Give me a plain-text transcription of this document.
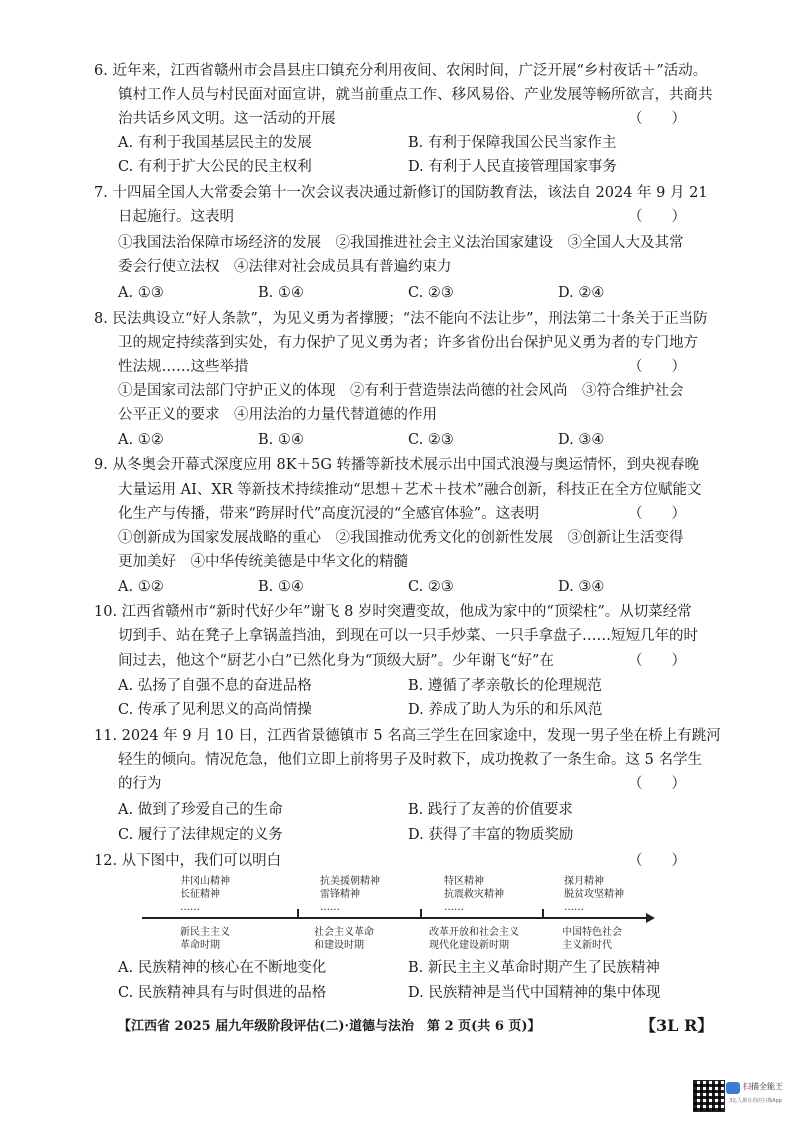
6. 近年来，江西省赣州市会昌县庄口镇充分利用夜间、农闲时间，广泛开展“乡村夜话＋”活动。
镇村工作人员与村民面对面宣讲，就当前重点工作、移风易俗、产业发展等畅所欲言，共商共
治共话乡风文明。这一活动的开展	（　　）
A. 有利于我国基层民主的发展	B. 有利于保障我国公民当家作主
C. 有利于扩大公民的民主权利	D. 有利于人民直接管理国家事务
7. 十四届全国人大常委会第十一次会议表决通过新修订的国防教育法，该法自 2024 年 9 月 21
日起施行。这表明	（　　）
①我国法治保障市场经济的发展　②我国推进社会主义法治国家建设　③全国人大及其常
委会行使立法权　④法律对社会成员具有普遍约束力
A. ①③	B. ①④	C. ②③	D. ②④
8. 民法典设立“好人条款”，为见义勇为者撑腰；“法不能向不法让步”，刑法第二十条关于正当防
卫的规定持续落到实处，有力保护了见义勇为者；许多省份出台保护见义勇为者的专门地方
性法规……这些举措	（　　）
①是国家司法部门守护正义的体现　②有利于营造崇法尚德的社会风尚　③符合维护社会
公平正义的要求　④用法治的力量代替道德的作用
A. ①②	B. ①④	C. ②③	D. ③④
9. 从冬奥会开幕式深度应用 8K＋5G 转播等新技术展示出中国式浪漫与奥运情怀，到央视春晚
大量运用 AI、XR 等新技术持续推动“思想＋艺术＋技术”融合创新，科技正在全方位赋能文
化生产与传播，带来“跨屏时代”高度沉浸的“全感官体验”。这表明	（　　）
①创新成为国家发展战略的重心　②我国推动优秀文化的创新性发展　③创新让生活变得
更加美好　④中华传统美德是中华文化的精髓
A. ①②	B. ①④	C. ②③	D. ③④
10. 江西省赣州市“新时代好少年”谢飞 8 岁时突遭变故，他成为家中的“顶梁柱”。从切菜经常
切到手、站在凳子上拿锅盖挡油，到现在可以一只手炒菜、一只手拿盘子……短短几年的时
间过去，他这个“厨艺小白”已然化身为“顶级大厨”。少年谢飞“好”在	（　　）
A. 弘扬了自强不息的奋进品格	B. 遵循了孝亲敬长的伦理规范
C. 传承了见利思义的高尚情操	D. 养成了助人为乐的和乐风范
11. 2024 年 9 月 10 日，江西省景德镇市 5 名高三学生在回家途中，发现一男子坐在桥上有跳河
轻生的倾向。情况危急，他们立即上前将男子及时救下，成功挽救了一条生命。这 5 名学生
的行为	（　　）
A. 做到了珍爱自己的生命	B. 践行了友善的价值要求
C. 履行了法律规定的义务	D. 获得了丰富的物质奖励
12. 从下图中，我们可以明白	（　　）
井冈山精神
长征精神
……
抗美援朝精神
雷锋精神
……
特区精神
抗震救灾精神
……
探月精神
脱贫攻坚精神
……
新民主主义
革命时期
社会主义革命
和建设时期
改革开放和社会主义
现代化建设新时期
中国特色社会
主义新时代
A. 民族精神的核心在不断地变化	B. 新民主主义革命时期产生了民族精神
C. 民族精神具有与时俱进的品格	D. 民族精神是当代中国精神的集中体现
【江西省 2025 届九年级阶段评估(二)·道德与法治　第 2 页(共 6 页)】	【3L R】
扫描全能王
3亿人都在用的扫描App
